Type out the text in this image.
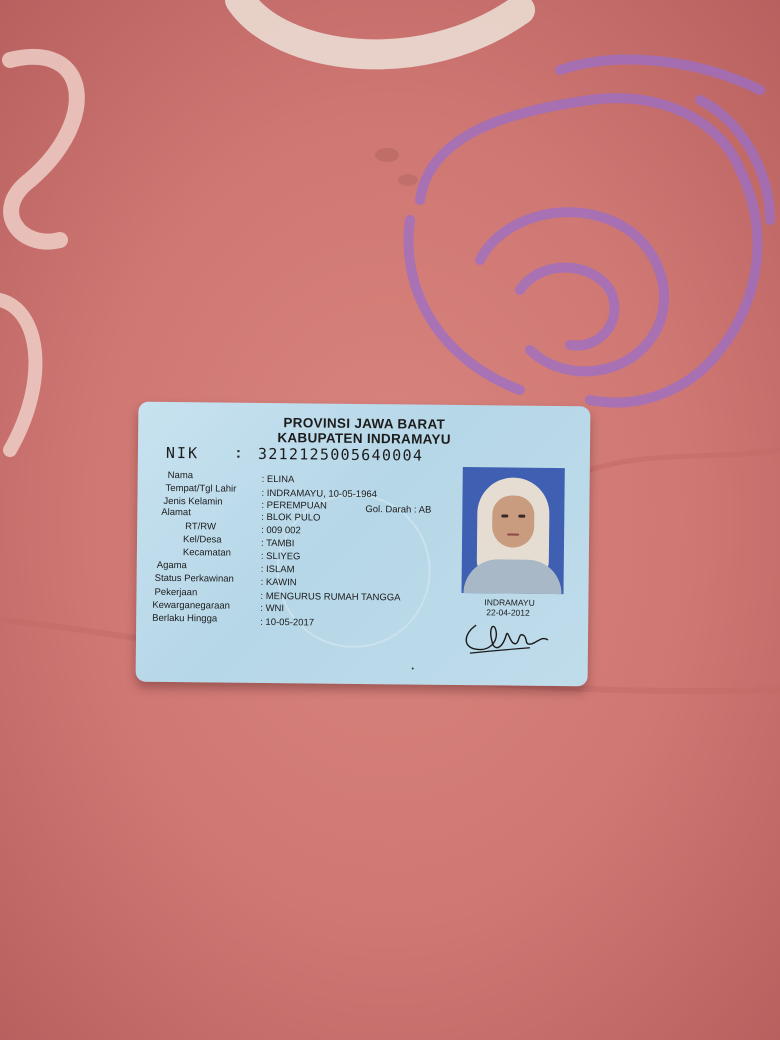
PROVINSI JAWA BARAT
KABUPATEN INDRAMAYU
NIK : 3212125005640004
Nama	: ELINA
Tempat/Tgl Lahir	: INDRAMAYU, 10-05-1964
Jenis Kelamin	: PEREMPUAN	Gol. Darah : AB
Alamat	: BLOK PULO
RT/RW	: 009 002
Kel/Desa	: TAMBI
Kecamatan	: SLIYEG
Agama	: ISLAM
Status Perkawinan	: KAWIN
Pekerjaan	: MENGURUS RUMAH TANGGA
Kewarganegaraan	: WNI
Berlaku Hingga	: 10-05-2017
INDRAMAYU
22-04-2012
